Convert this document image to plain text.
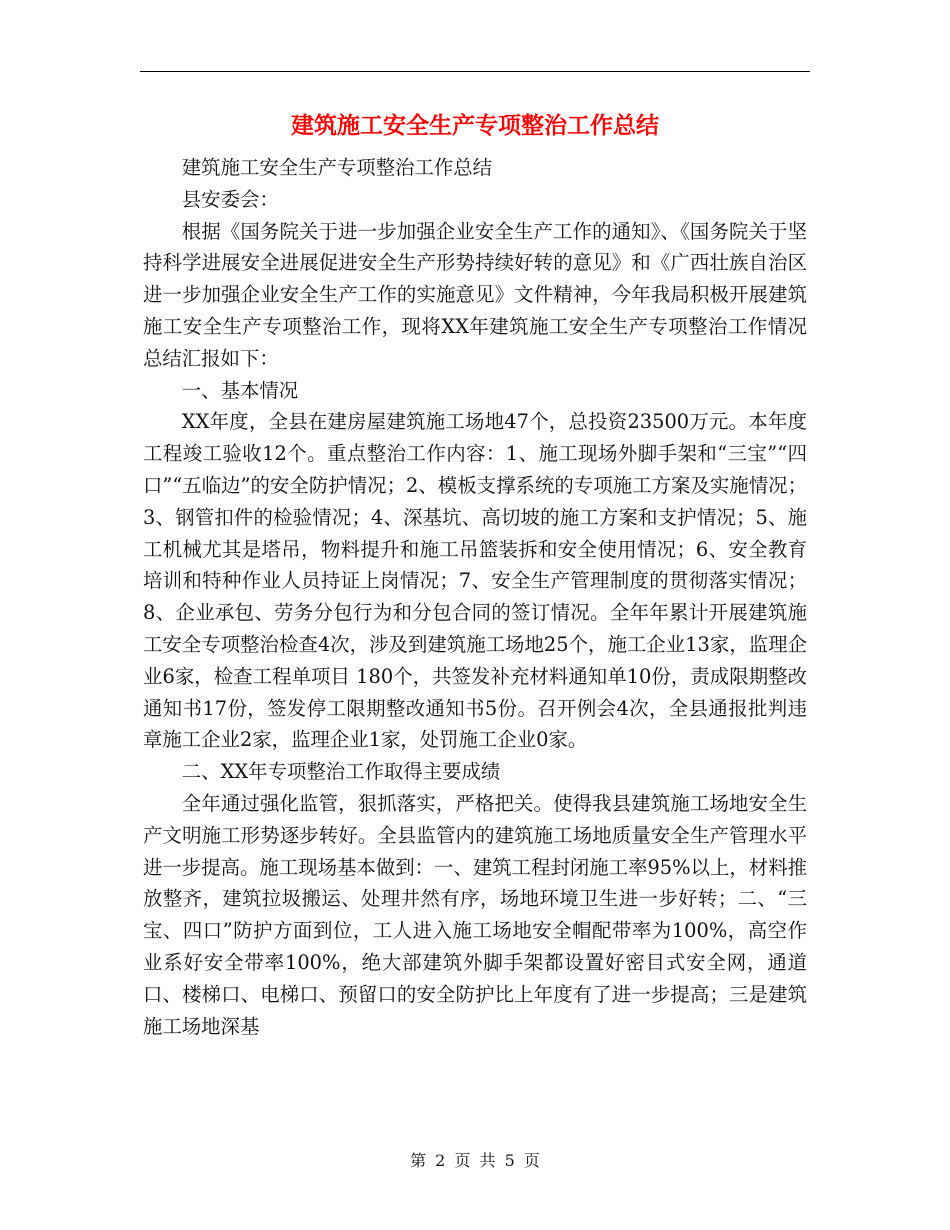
建筑施工安全生产专项整治工作总结

建筑施工安全生产专项整治工作总结

县安委会：

根据《国务院关于进一步加强企业安全生产工作的通知》、《国务院关于坚持科学进展安全进展促进安全生产形势持续好转的意见》和《广西壮族自治区进一步加强企业安全生产工作的实施意见》文件精神，今年我局积极开展建筑施工安全生产专项整治工作，现将XX年建筑施工安全生产专项整治工作情况总结汇报如下：

一、基本情况

XX年度，全县在建房屋建筑施工场地47个，总投资23500万元。本年度工程竣工验收12个。重点整治工作内容：1、施工现场外脚手架和“三宝”“四口”“五临边”的安全防护情况；2、模板支撑系统的专项施工方案及实施情况；3、钢管扣件的检验情况；4、深基坑、高切坡的施工方案和支护情况；5、施工机械尤其是塔吊，物料提升和施工吊篮装拆和安全使用情况；6、安全教育培训和特种作业人员持证上岗情况；7、安全生产管理制度的贯彻落实情况；8、企业承包、劳务分包行为和分包合同的签订情况。全年年累计开展建筑施工安全专项整治检查4次，涉及到建筑施工场地25个，施工企业13家，监理企业6家，检查工程单项目 180个，共签发补充材料通知单10份，责成限期整改通知书17份，签发停工限期整改通知书5份。召开例会4次，全县通报批判违章施工企业2家，监理企业1家，处罚施工企业0家。

二、XX年专项整治工作取得主要成绩

全年通过强化监管，狠抓落实，严格把关。使得我县建筑施工场地安全生产文明施工形势逐步转好。全县监管内的建筑施工场地质量安全生产管理水平进一步提高。施工现场基本做到：一、建筑工程封闭施工率95%以上，材料推放整齐，建筑拉圾搬运、处理井然有序，场地环境卫生进一步好转；二、“三宝、四口”防护方面到位，工人进入施工场地安全帽配带率为100%，高空作业系好安全带率100%，绝大部建筑外脚手架都设置好密目式安全网，通道口、楼梯口、电梯口、预留口的安全防护比上年度有了进一步提高；三是建筑施工场地深基

第 2 页 共 5 页
